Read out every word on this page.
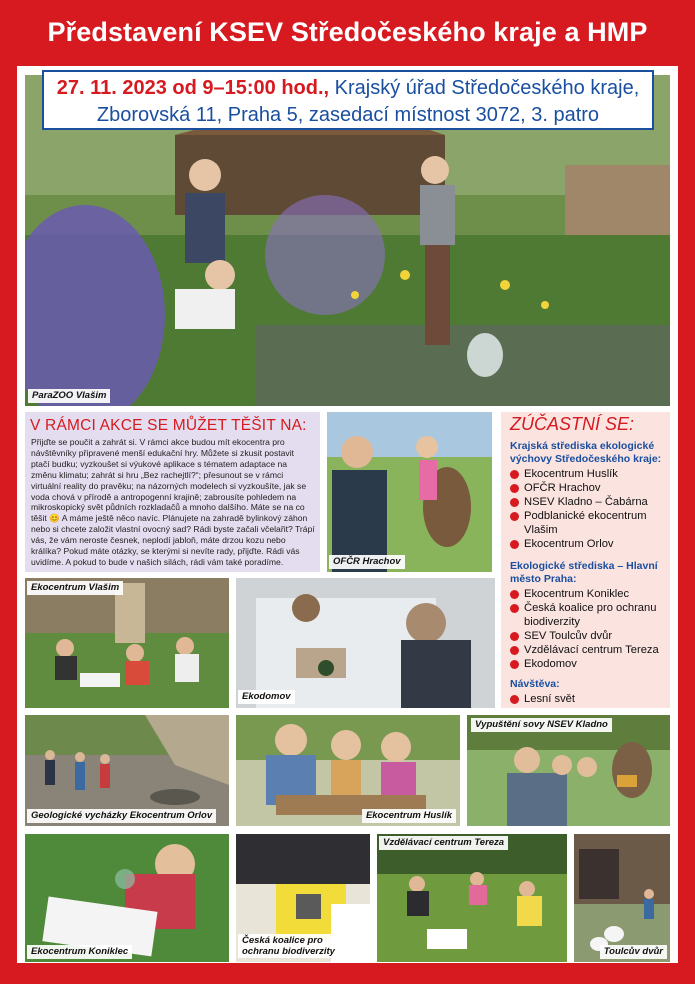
Představení KSEV Středočeského kraje a HMP
ParaZOO Vlašim
27. 11. 2023 od 9–15:00 hod., Krajský úřad Středočeského kraje,
Zborovská 11, Praha 5, zasedací místnost 3072, 3. patro
V RÁMCI AKCE SE MŮŽET TĚŠIT NA:

Přijďte se poučit a zahrát si. V rámci akce budou mít ekocentra pro návštěvníky připravené menší edukační hry. Můžete si zkusit postavit ptačí budku; vyzkoušet si výukové aplikace s tématem adaptace na změnu klimatu; zahrát si hru „Bez rachejtlí?“; přesunout se v rámci virtuální reality do pravěku; na názorných modelech si vyzkoušíte, jak se voda chová v přírodě a antropogenní krajině; zabrousíte pohledem na mikroskopický svět půdních rozkladačů a mnoho dalšího. Máte se na co těšit 😊 A máme ještě něco navíc. Plánujete na zahradě bylinkový záhon nebo si chcete založit vlastní ovocný sad? Rádi byste začali včelařit? Trápí vás, že vám neroste česnek, neplodí jabloň, máte drzou kozu nebo králíka? Pokud máte otázky, se kterými si nevíte rady, přijďte. Rádi vás uvidíme. A pokud to bude v našich silách, rádi vám také poradíme.	OFČR Hrachov
ZÚČASTNÍ SE:
Krajská střediska ekologické výchovy Středočeského kraje:
Ekocentrum Huslík
OFČR Hrachov
NSEV Kladno – Čabárna
Podblanické ekocentrum Vlašim
Ekocentrum Orlov
Ekologické střediska – Hlavní město Praha:
Ekocentrum Koniklec
Česká koalice pro ochranu biodiverzity
SEV Toulcův dvůr
Vzdělávací centrum Tereza
Ekodomov
Návštěva:
Lesní svět
Ekocentrum Vlašim
Ekodomov
Geologické vycházky Ekocentrum Orlov	Ekocentrum Huslík
Vypuštění sovy NSEV Kladno
Ekocentrum Koniklec
Česká koalice pro
ochranu biodiverzity
Vzdělávací centrum Tereza
Toulcův dvůr
